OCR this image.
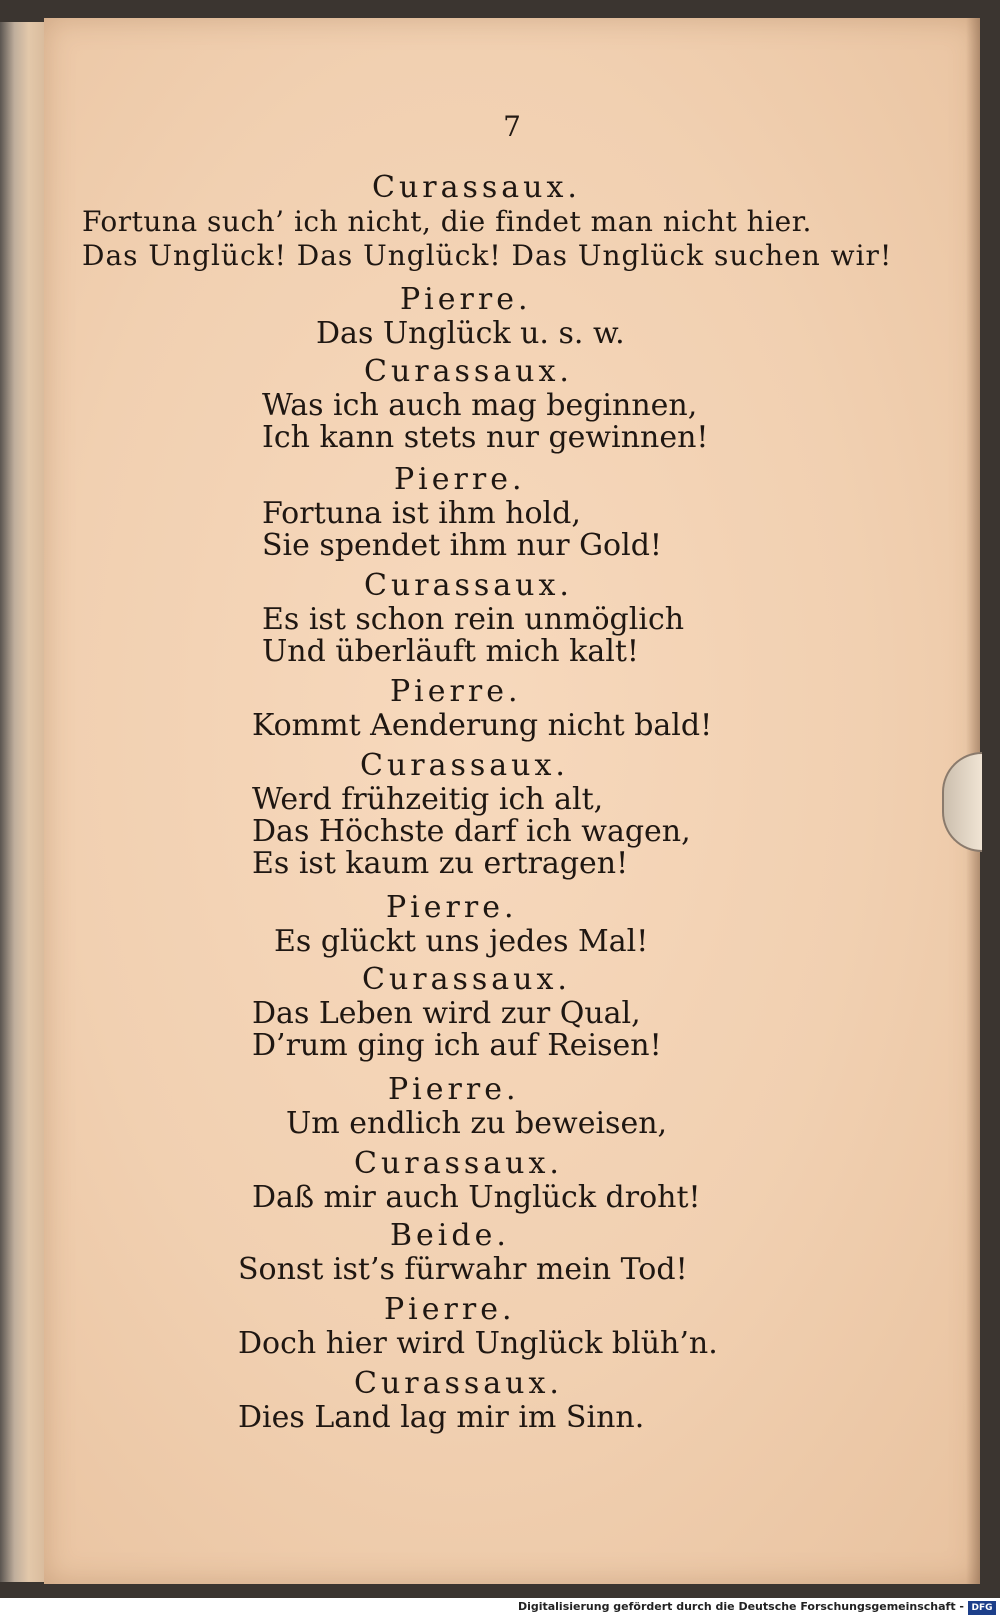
7
Curassaux.
Fortuna such’ ich nicht, die findet man nicht hier.
Das Unglück! Das Unglück! Das Unglück suchen wir!
Pierre.
Das Unglück u. s. w.
Curassaux.
Was ich auch mag beginnen,
Ich kann stets nur gewinnen!
Pierre.
Fortuna ist ihm hold,
Sie spendet ihm nur Gold!
Curassaux.
Es ist schon rein unmöglich
Und überläuft mich kalt!
Pierre.
Kommt Aenderung nicht bald!
Curassaux.
Werd frühzeitig ich alt,
Das Höchste darf ich wagen,
Es ist kaum zu ertragen!
Pierre.
Es glückt uns jedes Mal!
Curassaux.
Das Leben wird zur Qual,
D’rum ging ich auf Reisen!
Pierre.
Um endlich zu beweisen,
Curassaux.
Daß mir auch Unglück droht!
Beide.
Sonst ist’s fürwahr mein Tod!
Pierre.
Doch hier wird Unglück blüh’n.
Curassaux.
Dies Land lag mir im Sinn.
Digitalisierung gefördert durch die Deutsche Forschungsgemeinschaft - DFG
